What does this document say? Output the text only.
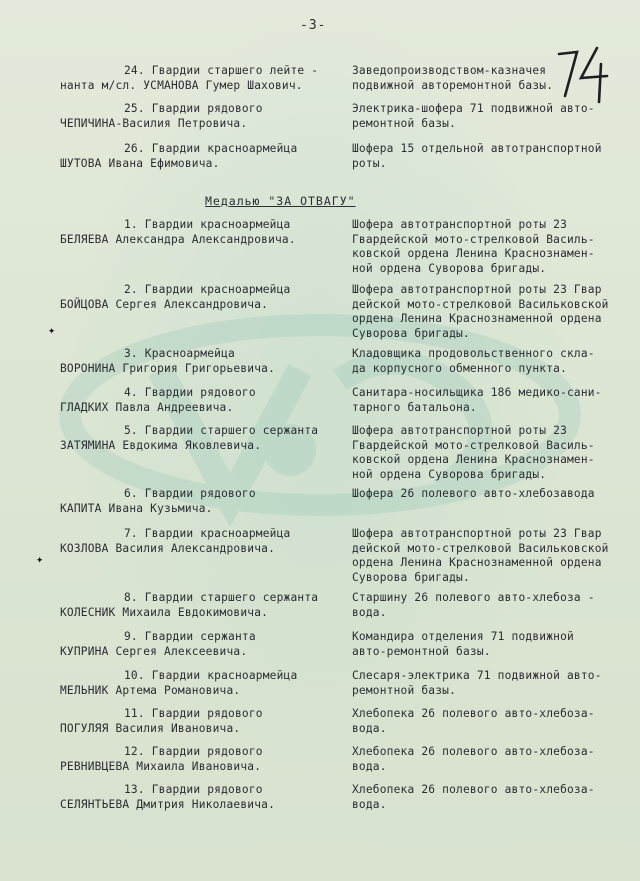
-3-
24. Гвардии старшего лейте -
нанта м/сл. УСМАНОВА Гумер Шахович.
Заведопроизводством-казначея
подвижной авторемонтной базы.
25. Гвардии рядового
ЧЕПИЧИНА-Василия Петровича.
Электрика-шофера 71 подвижной авто-
ремонтной базы.
26. Гвардии красноармейца
ШУТОВА Ивана Ефимовича.
Шофера 15 отдельной автотранспортной
роты.
1. Гвардии красноармейца
БЕЛЯЕВА Александра Александровича.
Шофера автотранспортной роты 23
Гвардейской мото-стрелковой Василь-
ковской ордена Ленина Краснознамен-
ной ордена Суворова бригады.
2. Гвардии красноармейца
БОЙЦОВА Сергея Александровича.
Шофера автотранспортной роты 23 Гвар
дейской мото-стрелковой Васильковской
ордена Ленина Краснознаменной ордена
Суворова бригады.
3. Красноармейца
ВОРОНИНА Григория Григорьевича.
Кладовщика продовольственного скла-
да корпусного обменного пункта.
4. Гвардии рядового
ГЛАДКИХ Павла Андреевича.
Санитара-носильщика 186 медико-сани-
тарного батальона.
5. Гвардии старшего сержанта
ЗАТЯМИНА Евдокима Яковлевича.
Шофера автотранспортной роты 23
Гвардейской мото-стрелковой Василь-
ковской ордена Ленина Краснознамен-
ной ордена Суворова бригады.
6. Гвардии рядового
КАПИТА Ивана Кузьмича.
Шофера 26 полевого авто-хлебозавода
7. Гвардии красноармейца
КОЗЛОВА Василия Александровича.
Шофера автотранспортной роты 23 Гвар
дейской мото-стрелковой Васильковской
ордена Ленина Краснознаменной ордена
Суворова бригады.
8. Гвардии старшего сержанта
КОЛЕСНИК Михаила Евдокимовича.
Старшину 26 полевого авто-хлебоза -
вода.
9. Гвардии сержанта
КУПРИНА Сергея Алексеевича.
Командира отделения 71 подвижной
авто-ремонтной базы.
10. Гвардии красноармейца
МЕЛЬНИК Артема Романовича.
Слесаря-электрика 71 подвижной авто-
ремонтной базы.
11. Гвардии рядового
ПОГУЛЯЯ Василия Ивановича.
Хлебопека 26 полевого авто-хлебоза-
вода.
12. Гвардии рядового
РЕВНИВЦЕВА Михаила Ивановича.
Хлебопека 26 полевого авто-хлебоза-
вода.
13. Гвардии рядового
СЕЛЯНТЬЕВА Дмитрия Николаевича.
Хлебопека 26 полевого авто-хлебоза-
вода.
Медалью "ЗА ОТВАГУ"
✦
✦
